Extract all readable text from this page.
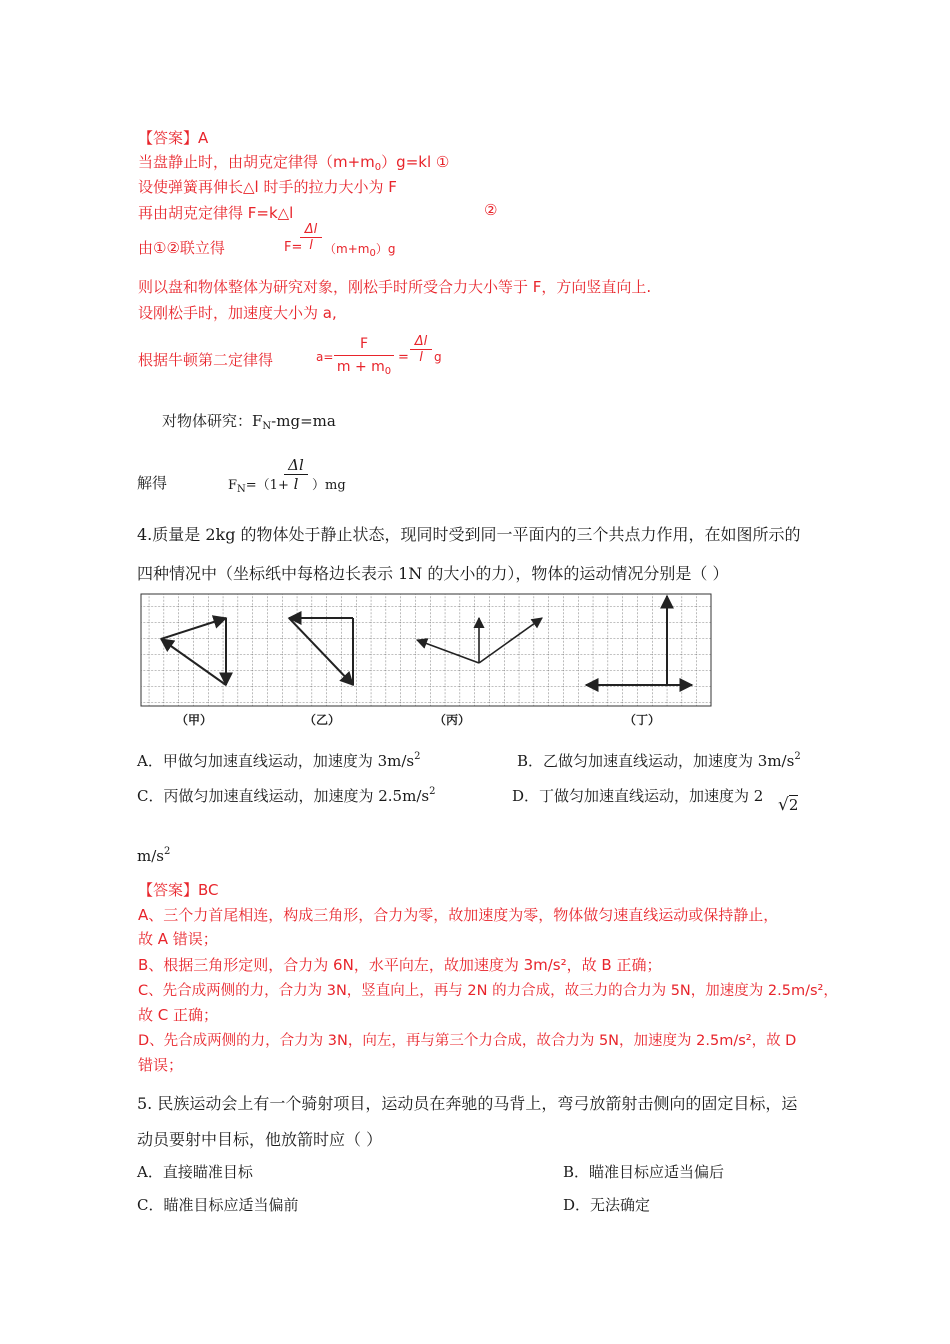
【答案】A
当盘静止时，由胡克定律得$(m+m_0)g=kl$ ①
设使弹簧再伸长△l 时手的拉力大小为 F
再由胡克定律得 F=k△l	②
由①②联立得	F=
$\frac{\Delta l}{l} (m+m_0)g$
则以盘和物体整体为研究对象，刚松手时所受合力大小等于 F，方向竖直向上.
设刚松手时，加速度大小为 a,
根据牛顿第二定律得	$a= \frac{F}{m + m_0} = \frac{\Delta l}{l}$ g
对物体研究：$F_N-mg=ma$
解得	$F_N=(1+$
$\frac{\Delta l}{l} )mg$
4.质量是 2kg 的物体处于静止状态，现同时受到同一平面内的三个共点力作用，在如图所示的
四种情况中（坐标纸中每格边长表示 1N 的大小的力），物体的运动情况分别是（ ）
（甲）	（乙）	（丙）	（丁）
A．甲做匀加速直线运动，加速度为 $3m/s^2$	B．乙做匀加速直线运动，加速度为 $3m/s^2$
C．丙做匀加速直线运动，加速度为 $2.5m/s^2$	D．丁做匀加速直线运动，加速度为 2 √2
$m/s^2$
【答案】BC
A、三个力首尾相连，构成三角形，合力为零，故加速度为零，物体做匀速直线运动或保持静止，
故 A 错误；
B、根据三角形定则，合力为 6N，水平向左，故加速度为 3m/s²，故 B 正确；
C、先合成两侧的力，合力为 3N，竖直向上，再与 2N 的力合成，故三力的合力为 5N，加速度为 2.5m/s²，
故 C 正确；
D、先合成两侧的力，合力为 3N，向左，再与第三个力合成，故合力为 5N，加速度为 2.5m/s²，故 D
错误；
5. 民族运动会上有一个骑射项目，运动员在奔驰的马背上，弯弓放箭射击侧向的固定目标，运
动员要射中目标，他放箭时应（ ）
A．直接瞄准目标	B．瞄准目标应适当偏后
C．瞄准目标应适当偏前	D．无法确定
